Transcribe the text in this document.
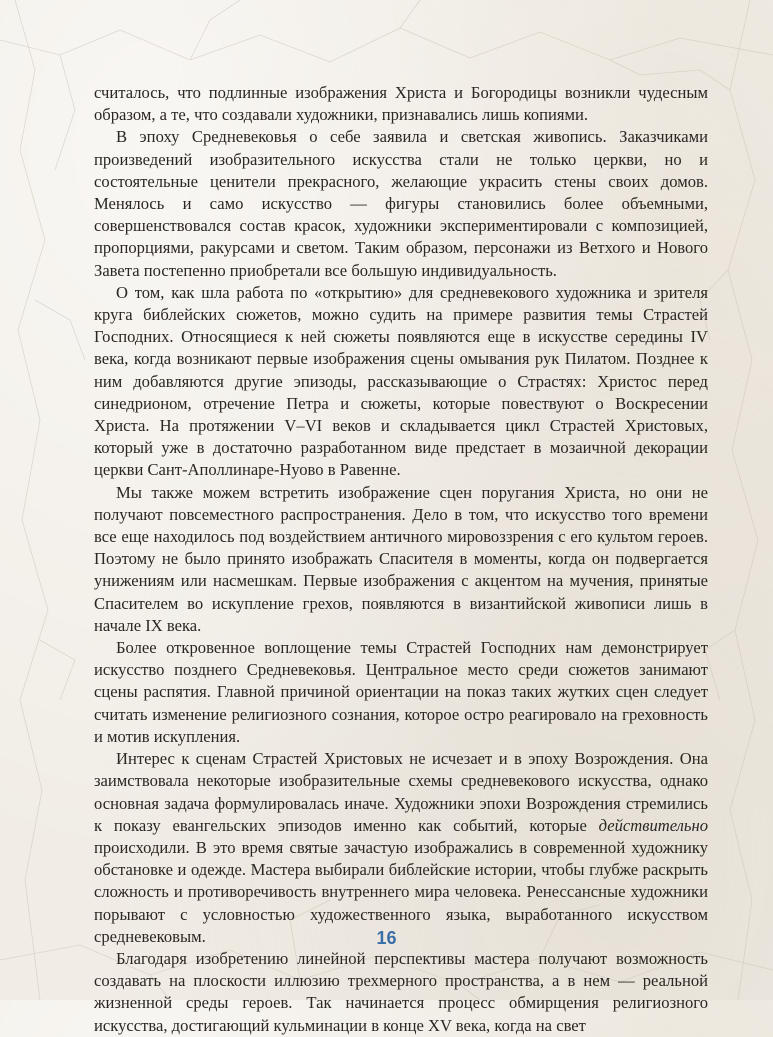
считалось, что подлинные изображения Христа и Богородицы возникли чудесным образом, а те, что создавали художники, признавались лишь копиями.

В эпоху Средневековья о себе заявила и светская живопись. Заказчиками произведений изобразительного искусства стали не только церкви, но и состоятельные ценители прекрасного, желающие украсить стены своих домов. Менялось и само искусство — фигуры становились более объемными, совершенствовался состав красок, художники экспериментировали с композицией, пропорциями, ракурсами и светом. Таким образом, персонажи из Ветхого и Нового Завета постепенно приобретали все большую индивидуальность.

О том, как шла работа по «открытию» для средневекового художника и зрителя круга библейских сюжетов, можно судить на примере развития темы Страстей Господних. Относящиеся к ней сюжеты появляются еще в искусстве середины IV века, когда возникают первые изображения сцены омывания рук Пилатом. Позднее к ним добавляются другие эпизоды, рассказывающие о Страстях: Христос перед синедрионом, отречение Петра и сюжеты, которые повествуют о Воскресении Христа. На протяжении V–VI веков и складывается цикл Страстей Христовых, который уже в достаточно разработанном виде предстает в мозаичной декорации церкви Сант-Аполлинаре-Нуово в Равенне.

Мы также можем встретить изображение сцен поругания Христа, но они не получают повсеместного распространения. Дело в том, что искусство того времени все еще находилось под воздействием античного мировоззрения с его культом героев. Поэтому не было принято изображать Спасителя в моменты, когда он подвергается унижениям или насмешкам. Первые изображения с акцентом на мучения, принятые Спасителем во искупление грехов, появляются в византийской живописи лишь в начале IX века.

Более откровенное воплощение темы Страстей Господних нам демонстрирует искусство позднего Средневековья. Центральное место среди сюжетов занимают сцены распятия. Главной причиной ориентации на показ таких жутких сцен следует считать изменение религиозного сознания, которое остро реагировало на греховность и мотив искупления.

Интерес к сценам Страстей Христовых не исчезает и в эпоху Возрождения. Она заимствовала некоторые изобразительные схемы средневекового искусства, однако основная задача формулировалась иначе. Художники эпохи Возрождения стремились к показу евангельских эпизодов именно как событий, которые действительно происходили. В это время святые зачастую изображались в современной художнику обстановке и одежде. Мастера выбирали библейские истории, чтобы глубже раскрыть сложность и противоречивость внутреннего мира человека. Ренессансные художники порывают с условностью художественного языка, выработанного искусством средневековым.

Благодаря изобретению линейной перспективы мастера получают возможность создавать на плоскости иллюзию трехмерного пространства, а в нем — реальной жизненной среды героев. Так начинается процесс обмирщения религиозного искусства, достигающий кульминации в конце XV века, когда на свет

16
